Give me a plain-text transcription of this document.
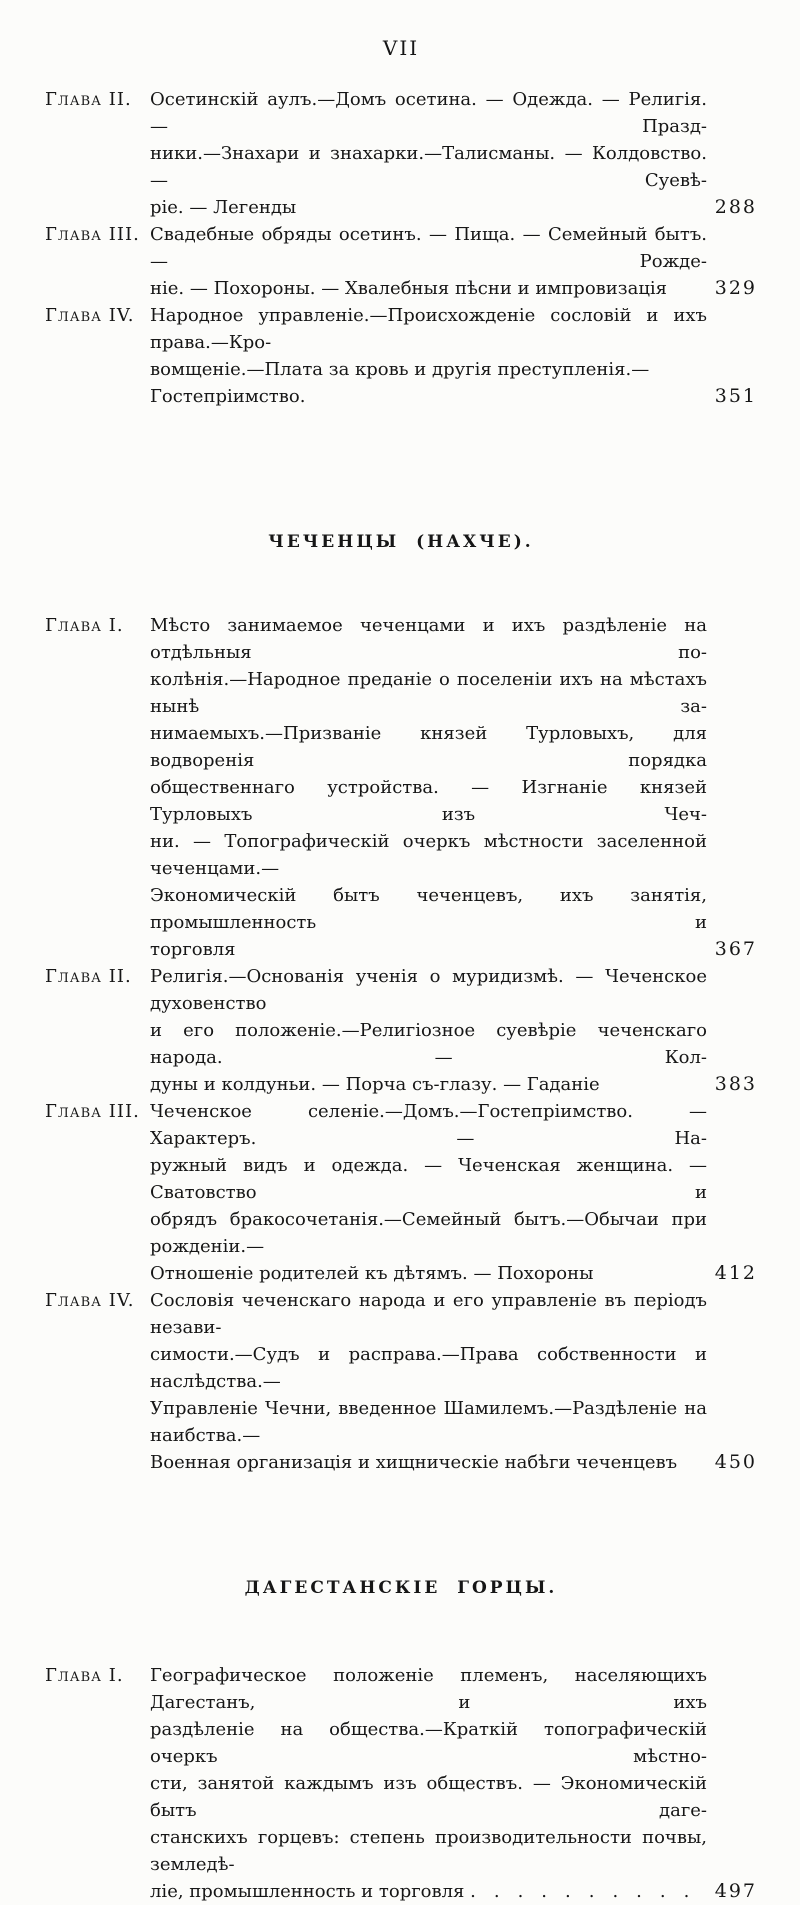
VII
Глава II.	Осетинскій аулъ.—Домъ осетина. — Одежда. — Религія. — Празд-
ники.—Знахари и знахарки.—Талисманы. — Колдовство. — Суевѣ-
ріе. — Легенды	288
Глава III. Свадебные обряды осетинъ. — Пища. — Семейный бытъ. — Рожде-
ніе. — Похороны. — Хвалебныя пѣсни и импровизація	329
Глава IV. Народное управленіе.—Происхожденіе сословій и ихъ права.—Кро-
вомщеніе.—Плата за кровь и другія преступленія.—Гостепріимство.	351
ЧЕЧЕНЦЫ (НАХЧЕ).
Глава I.	Мѣсто занимаемое чеченцами и ихъ раздѣленіе на отдѣльныя по-
колѣнія.—Народное преданіе о поселеніи ихъ на мѣстахъ нынѣ за-
нимаемыхъ.—Призваніе князей Турловыхъ, для водворенія порядка
общественнаго устройства. — Изгнаніе князей Турловыхъ изъ Чеч-
ни. — Топографическій очеркъ мѣстности заселенной чеченцами.—
Экономическій бытъ чеченцевъ, ихъ занятія, промышленность и
торговля	367
Глава II.	Религія.—Основанія ученія о муридизмѣ. — Чеченское духовенство
и его положеніе.—Религіозное суевѣріе чеченскаго народа. — Кол-
дуны и колдуньи. — Порча съ-глазу. — Гаданіе	383
Глава III. Чеченское селеніе.—Домъ.—Гостепріимство. — Характеръ. — На-
ружный видъ и одежда. — Чеченская женщина. — Сватовство и
обрядъ бракосочетанія.—Семейный бытъ.—Обычаи при рожденіи.—
Отношеніе родителей къ дѣтямъ. — Похороны	412
Глава IV. Сословія чеченскаго народа и его управленіе въ періодъ незави-
симости.—Судъ и расправа.—Права собственности и наслѣдства.—
Управленіе Чечни, введенное Шамилемъ.—Раздѣленіе на наибства.—
Военная организація и хищническіе набѣги чеченцевъ	450
ДАГЕСТАНСКІЕ ГОРЦЫ.
Глава I.	Географическое положеніе племенъ, населяющихъ Дагестанъ, и ихъ
раздѣленіе на общества.—Краткій топографическій очеркъ мѣстно-
сти, занятой каждымъ изъ обществъ. — Экономическій бытъ даге-
станскихъ горцевъ: степень производительности почвы, земледѣ-
ліе, промышленность и торговля . . . . . . . . . .	497
